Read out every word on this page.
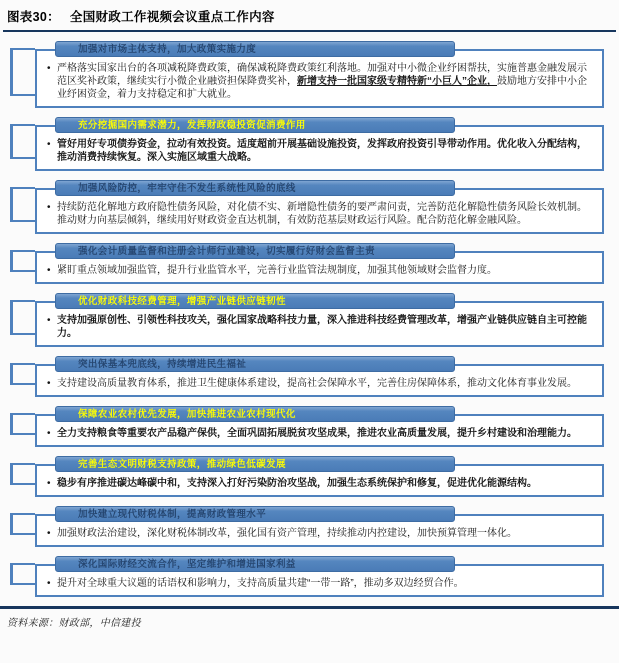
图表30： 全国财政工作视频会议重点工作内容
加强对市场主体支持，加大政策实施力度
• 严格落实国家出台的各项减税降费政策，确保减税降费政策红利落地。加强对中小微企业纾困帮扶，实施普惠金融发展示范区奖补政策，继续实行小微企业融资担保降费奖补，新增支持一批国家级专精特新“小巨人”企业，鼓励地方安排中小企业纾困资金，着力支持稳定和扩大就业。
充分挖掘国内需求潜力，发挥财政稳投资促消费作用
• 管好用好专项债券资金，拉动有效投资。适度超前开展基础设施投资，发挥政府投资引导带动作用。优化收入分配结构，推动消费持续恢复。深入实施区域重大战略。
加强风险防控，牢牢守住不发生系统性风险的底线
• 持续防范化解地方政府隐性债务风险，对化债不实、新增隐性债务的要严肃问责，完善防范化解隐性债务风险长效机制。推动财力向基层倾斜，继续用好财政资金直达机制，有效防范基层财政运行风险。配合防范化解金融风险。
强化会计质量监督和注册会计师行业建设，切实履行好财会监督主责
• 紧盯重点领域加强监管，提升行业监管水平，完善行业监管法规制度，加强其他领域财会监督力度。
优化财政科技经费管理，增强产业链供应链韧性
• 支持加强原创性、引领性科技攻关，强化国家战略科技力量，深入推进科技经费管理改革，增强产业链供应链自主可控能力。
突出保基本兜底线，持续增进民生福祉
• 支持建设高质量教育体系，推进卫生健康体系建设，提高社会保障水平，完善住房保障体系，推动文化体育事业发展。
保障农业农村优先发展，加快推进农业农村现代化
• 全力支持粮食等重要农产品稳产保供，全面巩固拓展脱贫攻坚成果，推进农业高质量发展，提升乡村建设和治理能力。
完善生态文明财税支持政策，推动绿色低碳发展
• 稳步有序推进碳达峰碳中和，支持深入打好污染防治攻坚战，加强生态系统保护和修复，促进优化能源结构。
加快建立现代财税体制，提高财政管理水平
• 加强财政法治建设，深化财税体制改革，强化国有资产管理，持续推动内控建设，加快预算管理一体化。
深化国际财经交流合作，坚定维护和增进国家利益
• 提升对全球重大议题的话语权和影响力，支持高质量共建“一带一路”，推动多双边经贸合作。
资料来源：财政部，中信建投
